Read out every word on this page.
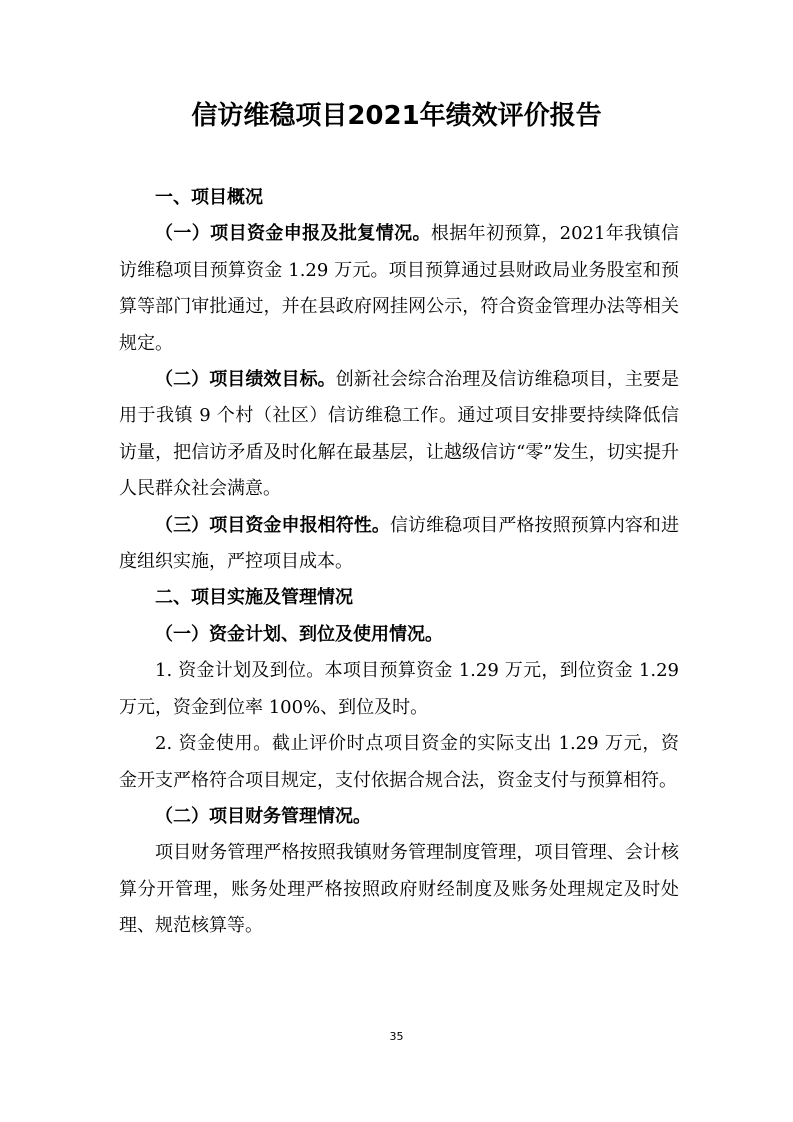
信访维稳项目2021年绩效评价报告

一、项目概况

（一）项目资金申报及批复情况。根据年初预算，2021年我镇信访维稳项目预算资金 1.29 万元。项目预算通过县财政局业务股室和预算等部门审批通过，并在县政府网挂网公示，符合资金管理办法等相关规定。

（二）项目绩效目标。创新社会综合治理及信访维稳项目，主要是用于我镇 9 个村（社区）信访维稳工作。通过项目安排要持续降低信访量，把信访矛盾及时化解在最基层，让越级信访“零”发生，切实提升人民群众社会满意。

（三）项目资金申报相符性。信访维稳项目严格按照预算内容和进度组织实施，严控项目成本。

二、项目实施及管理情况

（一）资金计划、到位及使用情况。

1. 资金计划及到位。本项目预算资金 1.29 万元，到位资金 1.29 万元，资金到位率 100%、到位及时。

2. 资金使用。截止评价时点项目资金的实际支出 1.29 万元，资金开支严格符合项目规定，支付依据合规合法，资金支付与预算相符。

（二）项目财务管理情况。

项目财务管理严格按照我镇财务管理制度管理，项目管理、会计核算分开管理，账务处理严格按照政府财经制度及账务处理规定及时处理、规范核算等。

35
